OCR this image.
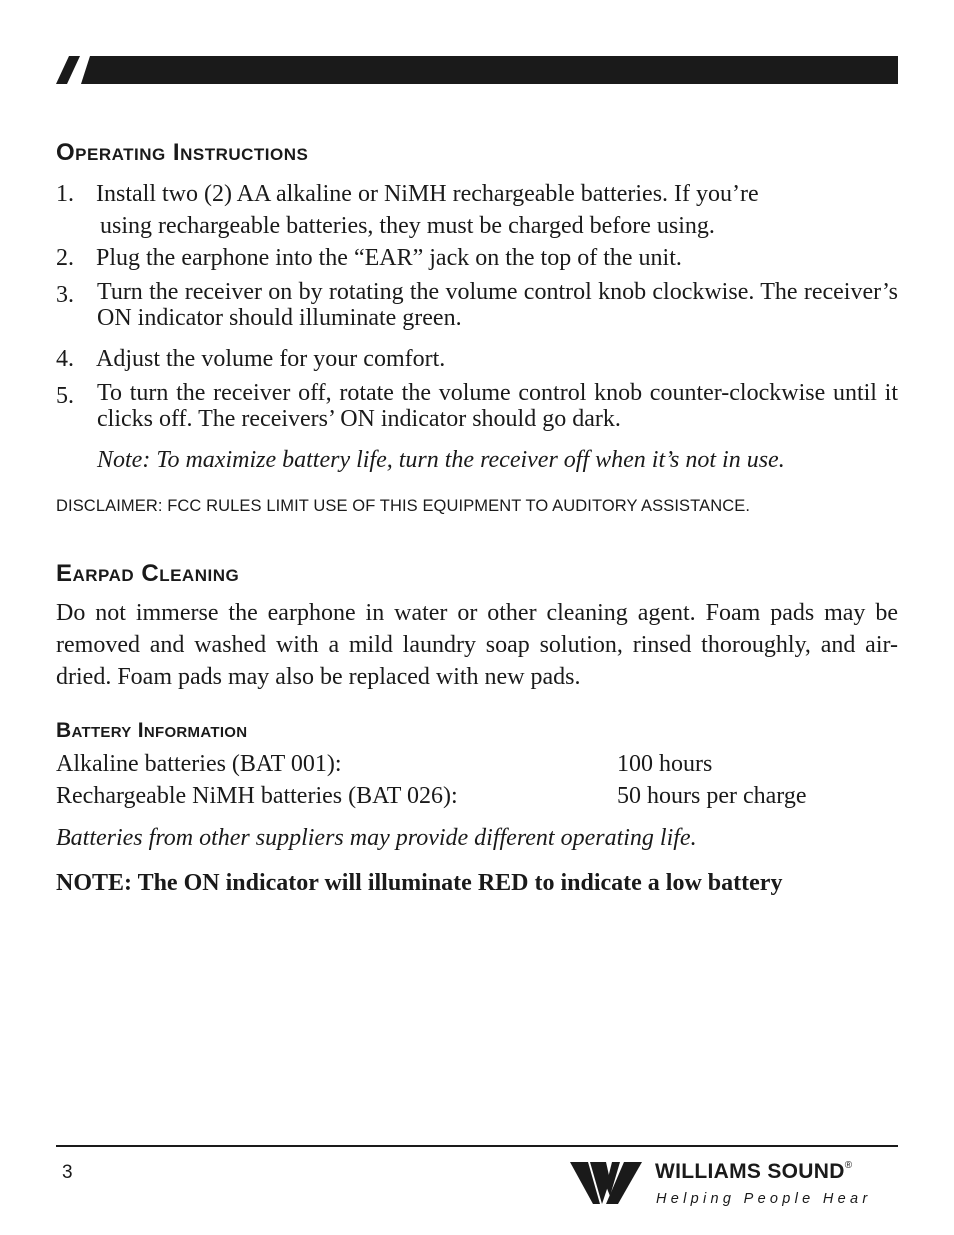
Operating Instructions
1. Install two (2) AA alkaline or NiMH rechargeable batteries. If you’re
using rechargeable batteries, they must be charged before using.
2. Plug the earphone into the “EAR” jack on the top of the unit.
3. Turn the receiver on by rotating the volume control knob clockwise. The receiver’s ON indicator should illuminate green.
4. Adjust the volume for your comfort.
5. To turn the receiver off, rotate the volume control knob counter-clockwise until it clicks off. The receivers’ ON indicator should go dark.
Note: To maximize battery life, turn the receiver off when it’s not in use.
DISCLAIMER: FCC RULES LIMIT USE OF THIS EQUIPMENT TO AUDITORY ASSISTANCE.
Earpad Cleaning
Do not immerse the earphone in water or other cleaning agent. Foam pads may be removed and washed with a mild laundry soap solution, rinsed thoroughly, and air-dried. Foam pads may also be replaced with new pads.
Battery Information
Alkaline batteries (BAT 001):	100 hours
Rechargeable NiMH batteries (BAT 026):	50 hours per charge
Batteries from other suppliers may provide different operating life.
NOTE: The ON indicator will illuminate RED to indicate a low battery
3	WILLIAMS SOUND®
Helping People Hear
